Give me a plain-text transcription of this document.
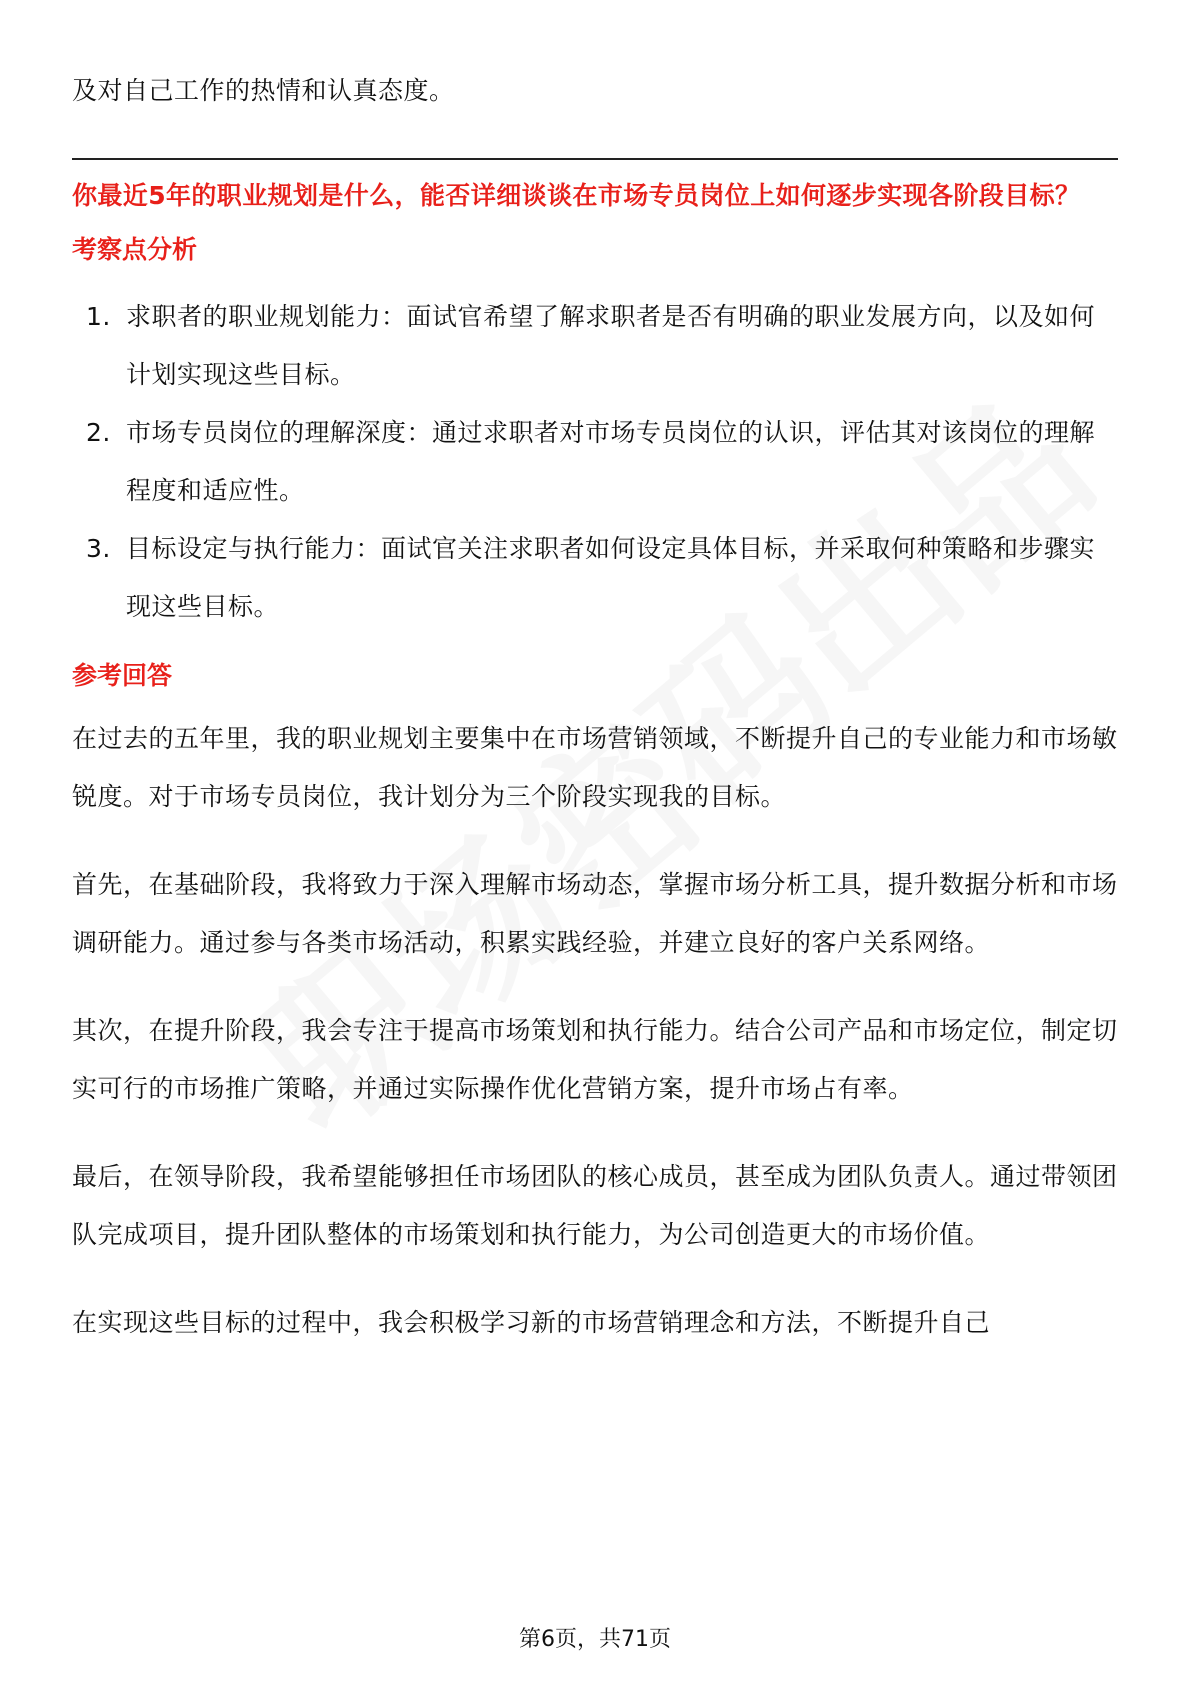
及对自己工作的热情和认真态度。

你最近5年的职业规划是什么，能否详细谈谈在市场专员岗位上如何逐步实现各阶段目标？
考察点分析
1. 求职者的职业规划能力：面试官希望了解求职者是否有明确的职业发展方向，以及如何计划实现这些目标。
2. 市场专员岗位的理解深度：通过求职者对市场专员岗位的认识，评估其对该岗位的理解程度和适应性。
3. 目标设定与执行能力：面试官关注求职者如何设定具体目标，并采取何种策略和步骤实现这些目标。
参考回答

在过去的五年里，我的职业规划主要集中在市场营销领域，不断提升自己的专业能力和市场敏锐度。对于市场专员岗位，我计划分为三个阶段实现我的目标。

首先，在基础阶段，我将致力于深入理解市场动态，掌握市场分析工具，提升数据分析和市场调研能力。通过参与各类市场活动，积累实践经验，并建立良好的客户关系网络。

其次，在提升阶段，我会专注于提高市场策划和执行能力。结合公司产品和市场定位，制定切实可行的市场推广策略，并通过实际操作优化营销方案，提升市场占有率。

最后，在领导阶段，我希望能够担任市场团队的核心成员，甚至成为团队负责人。通过带领团队完成项目，提升团队整体的市场策划和执行能力，为公司创造更大的市场价值。

在实现这些目标的过程中，我会积极学习新的市场营销理念和方法，不断提升自己

第6页，共71页
